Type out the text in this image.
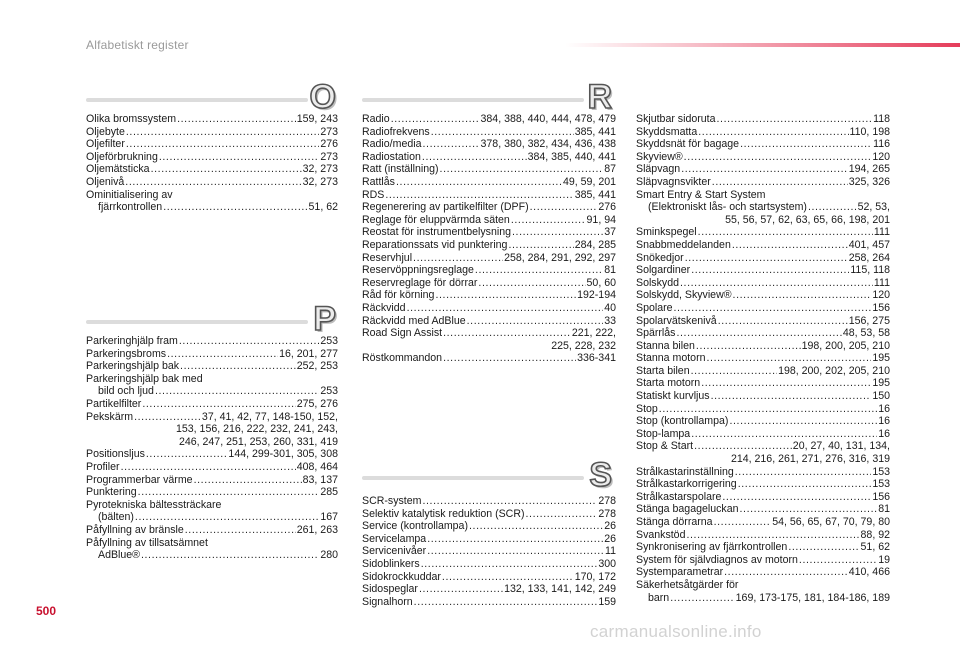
Alfabetiskt register
O
P
R
S
Olika bromssystem .....	159, 243
Oljebyte .....	273
Oljefilter .....	276
Oljeförbrukning .....	273
Oljemätsticka .....	32, 273
Oljenivå .....	32, 273
Ominitialisering av
fjärrkontrollen .....	51, 62
Parkeringhjälp fram .....	253
Parkeringsbroms .....	16, 201, 277
Parkeringshjälp bak .....	252, 253
Parkeringshjälp bak med
bild och ljud .....	253
Partikelfilter .....	275, 276
Pekskärm .....	37, 41, 42, 77, 148-150, 152,
153, 156, 216, 222, 232, 241, 243,
246, 247, 251, 253, 260, 331, 419
Positionsljus .....	144, 299-301, 305, 308
Profiler .....	408, 464
Programmerbar värme .....	83, 137
Punktering .....	285
Pyrotekniska bältessträckare
(bälten) .....	167
Påfyllning av bränsle .....	261, 263
Påfyllning av tillsatsämnet
AdBlue® .....	280
Radio .....	384, 388, 440, 444, 478, 479
Radiofrekvens .....	385, 441
Radio/media .....	378, 380, 382, 434, 436, 438
Radiostation .....	384, 385, 440, 441
Ratt (inställning) .....	87
Rattlås .....	49, 59, 201
RDS .....	385, 441
Regenerering av partikelfilter (DPF) .....	276
Reglage för eluppvärmda säten .....	91, 94
Reostat för instrumentbelysning .....	37
Reparationssats vid punktering .....	284, 285
Reservhjul .....	258, 284, 291, 292, 297
Reservöppningsreglage .....	81
Reservreglage för dörrar .....	50, 60
Råd för körning .....	192-194
Räckvidd .....	40
Räckvidd med AdBlue .....	33
Road Sign Assist .....	221, 222,
225, 228, 232
Röstkommandon .....	336-341
SCR-system .....	278
Selektiv katalytisk reduktion (SCR) .....	278
Service (kontrollampa) .....	26
Servicelampa .....	26
Servicenivåer .....	11
Sidoblinkers .....	300
Sidokrockkuddar .....	170, 172
Sidospeglar .....	132, 133, 141, 142, 249
Signalhorn .....	159
Skjutbar sidoruta .....	118
Skyddsmatta .....	110, 198
Skyddsnät för bagage .....	116
Skyview® .....	120
Släpvagn .....	194, 265
Släpvagnsvikter .....	325, 326
Smart Entry & Start System
(Elektroniskt lås- och startsystem) .....	52, 53,
55, 56, 57, 62, 63, 65, 66, 198, 201
Sminkspegel .....	111
Snabbmeddelanden .....	401, 457
Snökedjor .....	258, 264
Solgardiner .....	115, 118
Solskydd .....	111
Solskydd, Skyview® .....	120
Spolare .....	156
Spolarvätskenivå .....	156, 275
Spärrlås .....	48, 53, 58
Stanna bilen .....	198, 200, 205, 210
Stanna motorn .....	195
Starta bilen .....	198, 200, 202, 205, 210
Starta motorn .....	195
Statiskt kurvljus .....	150
Stop .....	16
Stop (kontrollampa) .....	16
Stop-lampa .....	16
Stop & Start .....	20, 27, 40, 131, 134,
214, 216, 261, 271, 276, 316, 319
Strålkastarinställning .....	153
Strålkastarkorrigering .....	153
Strålkastarspolare .....	156
Stänga bagageluckan .....	81
Stänga dörrarna .....	54, 56, 65, 67, 70, 79, 80
Svankstöd .....	88, 92
Synkronisering av fjärrkontrollen .....	51, 62
System för självdiagnos av motorn .....	19
Systemparametrar .....	410, 466
Säkerhetsåtgärder för
barn .....	169, 173-175, 181, 184-186, 189
500
carmanualsonline.info
